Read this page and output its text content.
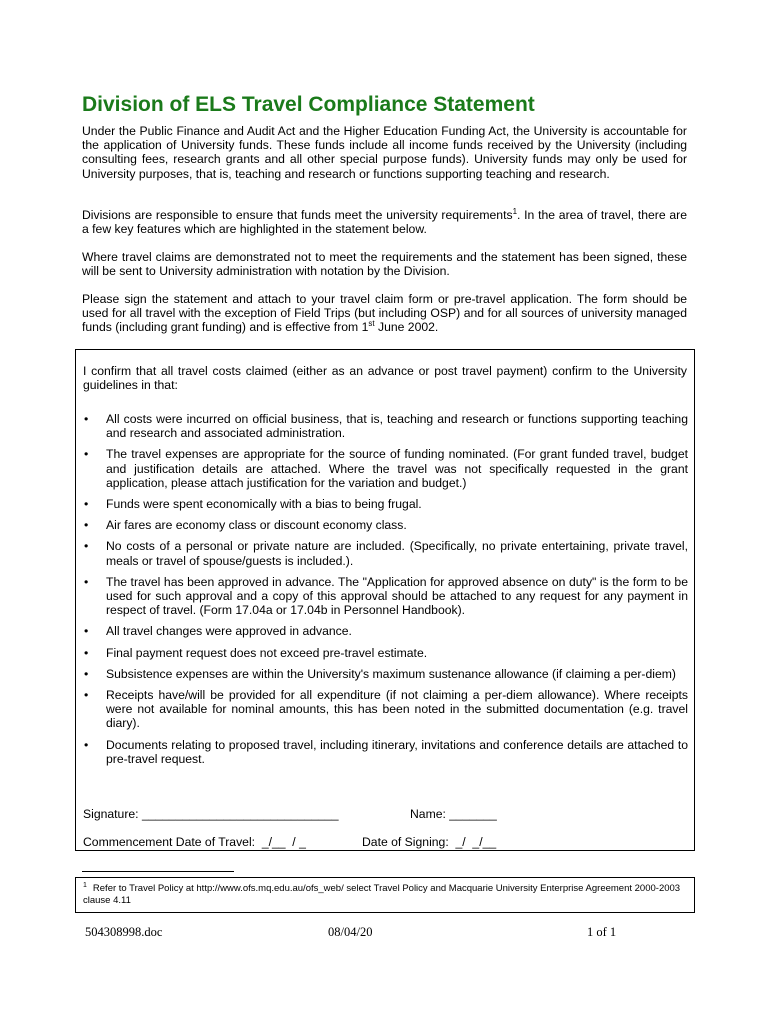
Division of ELS Travel Compliance Statement

Under the Public Finance and Audit Act and the Higher Education Funding Act, the University is accountable for the application of University funds. These funds include all income funds received by the University (including consulting fees, research grants and all other special purpose funds). University funds may only be used for University purposes, that is, teaching and research or functions supporting teaching and research.

Divisions are responsible to ensure that funds meet the university requirements$^1$. In the area of travel, there are a few key features which are highlighted in the statement below.

Where travel claims are demonstrated not to meet the requirements and the statement has been signed, these will be sent to University administration with notation by the Division.

Please sign the statement and attach to your travel claim form or pre-travel application. The form should be used for all travel with the exception of Field Trips (but including OSP) and for all sources of university managed funds (including grant funding) and is effective from 1st June 2002.

I confirm that all travel costs claimed (either as an advance or post travel payment) confirm to the University guidelines in that:

• All costs were incurred on official business, that is, teaching and research or functions supporting teaching and research and associated administration.
• The travel expenses are appropriate for the source of funding nominated. (For grant funded travel, budget and justification details are attached. Where the travel was not specifically requested in the grant application, please attach justification for the variation and budget.)
• Funds were spent economically with a bias to being frugal.
• Air fares are economy class or discount economy class.
• No costs of a personal or private nature are included. (Specifically, no private entertaining, private travel, meals or travel of spouse/guests is included.).
• The travel has been approved in advance. The "Application for approved absence on duty" is the form to be used for such approval and a copy of this approval should be attached to any request for any payment in respect of travel. (Form 17.04a or 17.04b in Personnel Handbook).
• All travel changes were approved in advance.
• Final payment request does not exceed pre-travel estimate.
• Subsistence expenses are within the University's maximum sustenance allowance (if claiming a per-diem)
• Receipts have/will be provided for all expenditure (if not claiming a per-diem allowance). Where receipts were not available for nominal amounts, this has been noted in the submitted documentation (e.g. travel diary).
• Documents relating to proposed travel, including itinerary, invitations and conference details are attached to pre-travel request.
Signature: _____________________________	Name: _______
Commencement Date of Travel:  _/__  / _	Date of Signing:  _/  _/__
$^1$ Refer to Travel Policy at http://www.ofs.mq.edu.au/ofs_web/ select Travel Policy and Macquarie University Enterprise Agreement 2000-2003 clause 4.11
504308998.doc	08/04/20	1 of 1
